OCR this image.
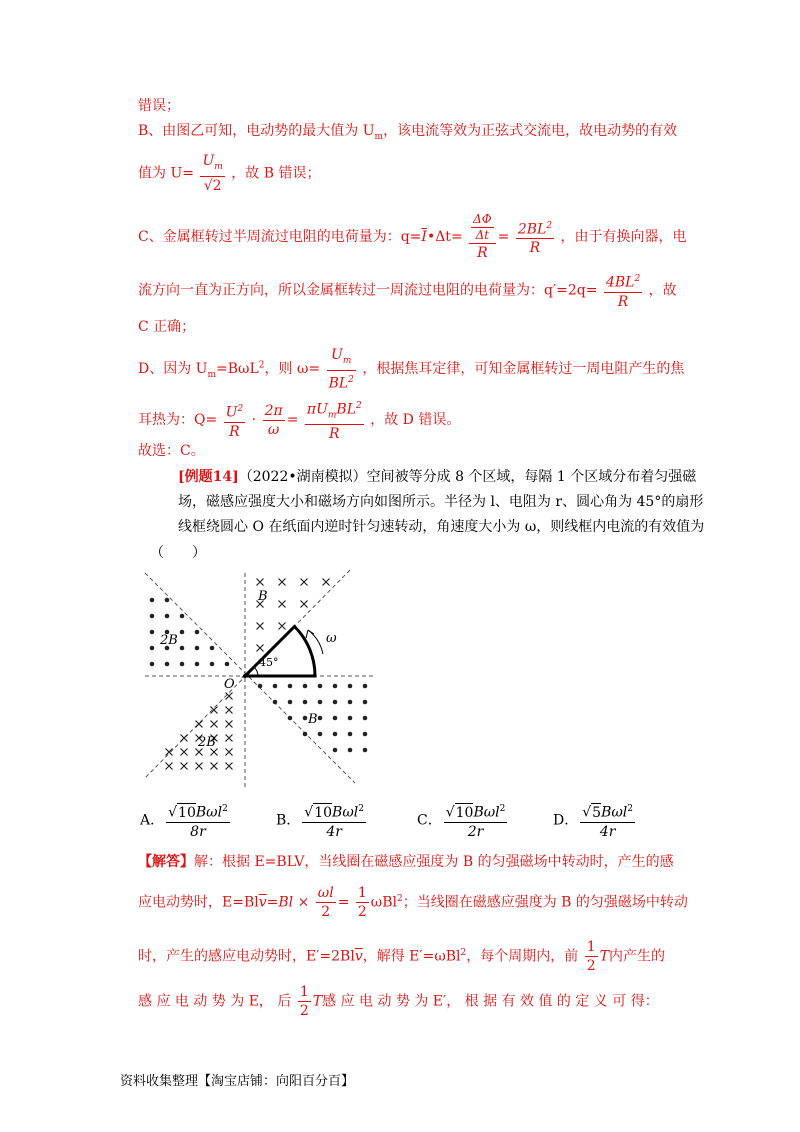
错误；
B、由图乙可知，电动势的最大值为 $U_m$，该电流等效为正弦式交流电，故电动势的有效
值为 $U= \frac{U_m}{√2}$ ，故 B 错误；
C、金属框转过半周流过电阻的电荷量为：$q=\overline{I}•\Delta t= \frac{\frac{\Delta\Phi}{\Delta t}}{R} = \frac{2BL^2}{R}$ ，由于有换向器，电
流方向一直为正方向，所以金属框转过一周流过电阻的电荷量为：$q'=2q= \frac{4BL^2}{R}$ ，故
C 正确；
D、因为 $U_m=B\omega L^2$，则 $\omega= \frac{U_m}{BL^2}$ ，根据焦耳定律，可知金属框转过一周电阻产生的焦
耳热为：$Q= \frac{U^2}{R} \cdot \frac{2\pi}{\omega} = \frac{\pi U_mBL^2}{R}$ ，故 D 错误。
故选：C。
[例题14]（2022•湖南模拟）空间被等分成 8 个区域，每隔 1 个区域分布着匀强磁
场，磁感应强度大小和磁场方向如图所示。半径为 l、电阻为 r、圆心角为 45°的扇形
线框绕圆心 O 在纸面内逆时针匀速转动，角速度大小为 ω，则线框内电流的有效值为
（　　）
B
2B
B
2B
O
45°
ω
A． $\frac{√10B\omega l^2}{8r}$	B． $\frac{√10B\omega l^2}{4r}$	C． $\frac{√10B\omega l^2}{2r}$	D． $\frac{√5B\omega l^2}{4r}$
【解答】解：根据 E=BLV，当线圈在磁感应强度为 B 的匀强磁场中转动时，产生的感
应电动势时，$E=Bl\overline{v}=Bl \times \frac{\omega l}{2} = \frac{1}{2} \omega Bl^2$；当线圈在磁感应强度为 B 的匀强磁场中转动
时，产生的感应电动势时，$E'=2Bl\overline{v}$，解得 E′=ωBl$^2$，每个周期内，前 $\frac{1}{2}$ T内产生的
感 应 电 动 势 为 E， 后 $\frac{1}{2}$ T感 应 电 动 势 为 E′， 根 据 有 效 值 的 定 义 可 得：
资料收集整理【淘宝店铺：向阳百分百】
